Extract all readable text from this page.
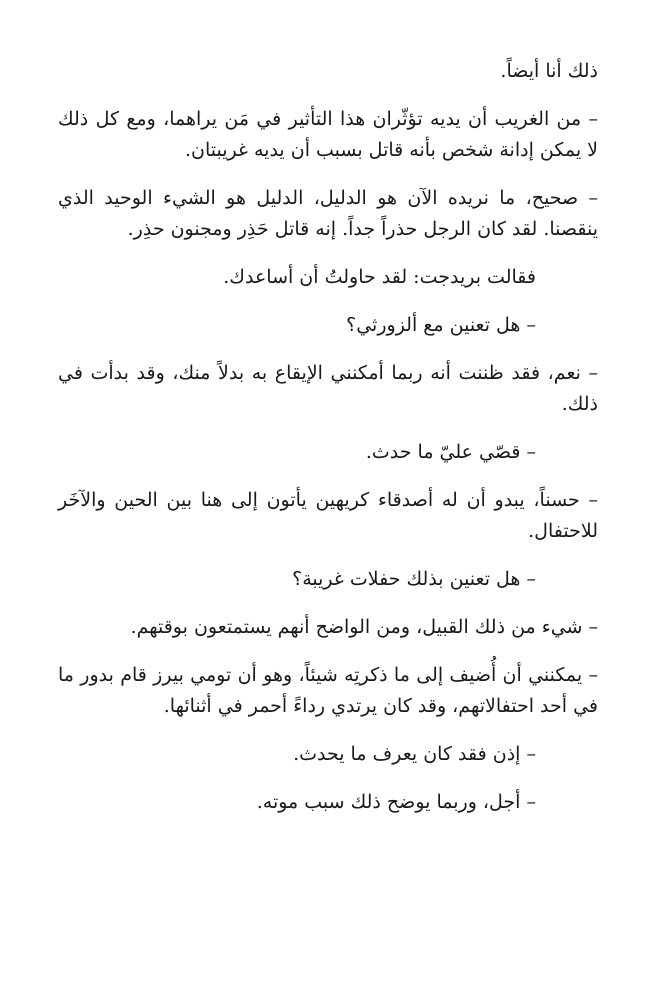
ذلك أنا أيضاً.

– من الغريب أن يديه تؤثّران هذا التأثير في مَن يراهما، ومع كل ذلك لا يمكن إدانة شخص بأنه قاتل بسبب أن يديه غريبتان.

– صحيح، ما نريده الآن هو الدليل، الدليل هو الشيء الوحيد الذي ينقصنا. لقد كان الرجل حذراً جداً. إنه قاتل حَذِر ومجنون حذِر.

فقالت بريدجت: لقد حاولتُ أن أساعدك.

– هل تعنين مع ألزورثي؟

– نعم، فقد ظننت أنه ربما أمكنني الإيقاع به بدلاً منك، وقد بدأت في ذلك.

– قصّي عليّ ما حدث.

– حسناً، يبدو أن له أصدقاء كريهين يأتون إلى هنا بين الحين والآخَر للاحتفال.

– هل تعنين بذلك حفلات غريبة؟

– شيء من ذلك القبيل، ومن الواضح أنهم يستمتعون بوقتهم.

– يمكنني أن أُضيف إلى ما ذكرتِه شيئاً، وهو أن تومي بيرز قام بدور ما في أحد احتفالاتهم، وقد كان يرتدي رداءً أحمر في أثنائها.

– إذن فقد كان يعرف ما يحدث.

– أجل، وربما يوضح ذلك سبب موته.
